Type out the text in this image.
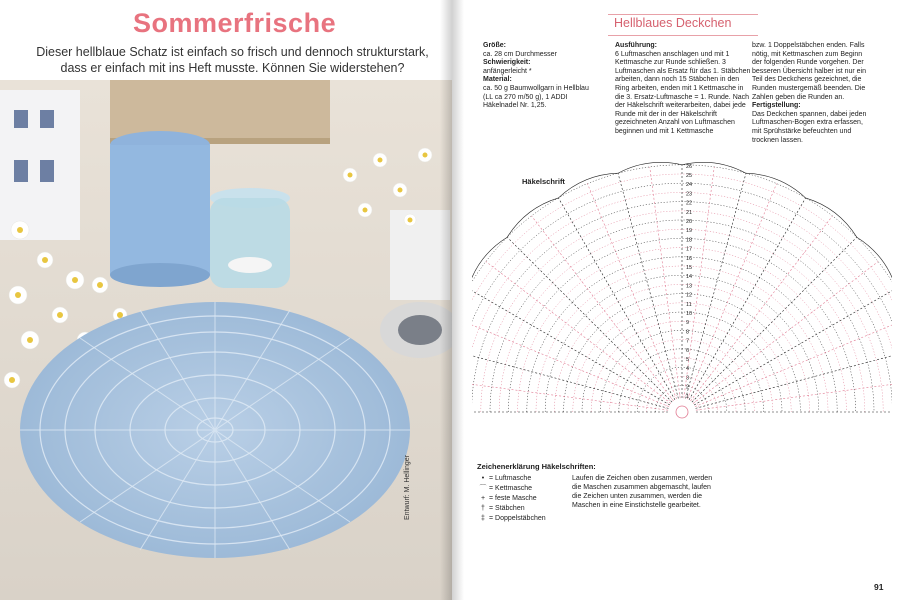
Sommerfrische
Dieser hellblaue Schatz ist einfach so frisch und dennoch strukturstark, dass er einfach mit ins Heft musste. Können Sie widerstehen?
Entwurf: M. Hellinger
Hellblaues Deckchen
Größe:
ca. 28 cm Durchmesser
Schwierigkeit:
anfängerleicht *
Material:
ca. 50 g Baumwollgarn in Hellblau (LL ca 270 m/50 g), 1 ADDI Häkelnadel Nr. 1,25.
Ausführung:
6 Luftmaschen anschlagen und mit 1 Kettmasche zur Runde schließen. 3 Luftmaschen als Ersatz für das 1. Stäbchen arbeiten, dann noch 15 Stäbchen in den Ring arbeiten, enden mit 1 Kettmasche in die 3. Ersatz-Luftmasche = 1. Runde. Nach der Häkelschrift weiterarbeiten, dabei jede Runde mit der in der Häkelschrift gezeichneten Anzahl von Luftmaschen beginnen und mit 1 Kettmasche
bzw. 1 Doppelstäbchen enden. Falls nötig, mit Kettmaschen zum Beginn der folgenden Runde vorgehen. Der besseren Übersicht halber ist nur ein Teil des Deckchens gezeichnet, die Runden mustergemäß beenden. Die Zahlen geben die Runden an.
Fertigstellung:
Das Deckchen spannen, dabei jeden Luftmaschen-Bogen extra erfassen, mit Sprühstärke befeuchten und trocknen lassen.
1
2
3
4
5
6
7
8
9
10
11
12
13
14
15
16
17
18
19
20
21
22
23
24
25
26
Häkelschrift
Zeichenerklärung Häkelschriften:
• = Luftmasche
⌒ = Kettmasche
+ = feste Masche
† = Stäbchen
‡ = Doppelstäbchen
Laufen die Zeichen oben zusammen, werden die Maschen zusammen abgemascht, laufen die Zeichen unten zusammen, werden die Maschen in eine Einstichstelle gearbeitet.
91
